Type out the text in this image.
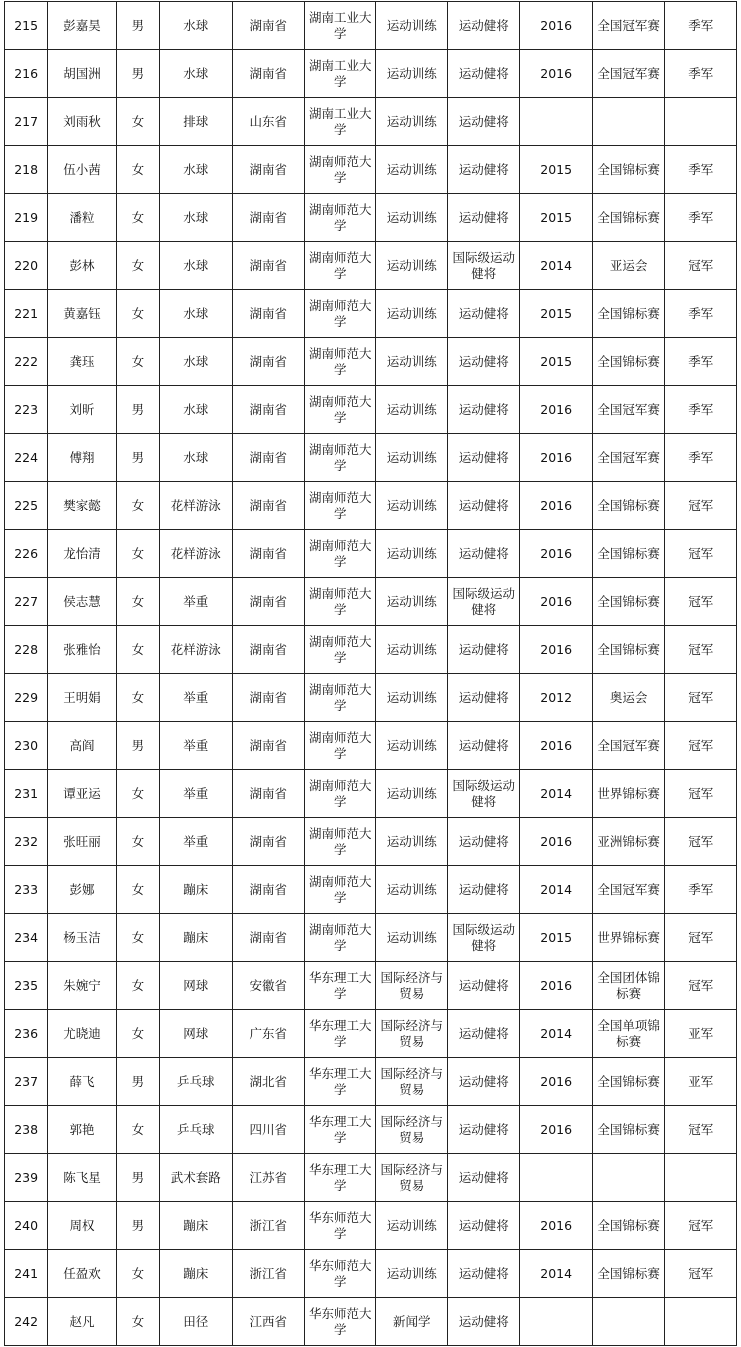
215	彭嘉昊	男	水球	湖南省	湖南工业大学	运动训练	运动健将	2016	全国冠军赛	季军
216	胡国洲	男	水球	湖南省	湖南工业大学	运动训练	运动健将	2016	全国冠军赛	季军
217	刘雨秋	女	排球	山东省	湖南工业大学	运动训练	运动健将			
218	伍小茜	女	水球	湖南省	湖南师范大学	运动训练	运动健将	2015	全国锦标赛	季军
219	潘粒	女	水球	湖南省	湖南师范大学	运动训练	运动健将	2015	全国锦标赛	季军
220	彭林	女	水球	湖南省	湖南师范大学	运动训练	国际级运动健将	2014	亚运会	冠军
221	黄嘉钰	女	水球	湖南省	湖南师范大学	运动训练	运动健将	2015	全国锦标赛	季军
222	龚珏	女	水球	湖南省	湖南师范大学	运动训练	运动健将	2015	全国锦标赛	季军
223	刘昕	男	水球	湖南省	湖南师范大学	运动训练	运动健将	2016	全国冠军赛	季军
224	傅翔	男	水球	湖南省	湖南师范大学	运动训练	运动健将	2016	全国冠军赛	季军
225	樊家懿	女	花样游泳	湖南省	湖南师范大学	运动训练	运动健将	2016	全国锦标赛	冠军
226	龙怡清	女	花样游泳	湖南省	湖南师范大学	运动训练	运动健将	2016	全国锦标赛	冠军
227	侯志慧	女	举重	湖南省	湖南师范大学	运动训练	国际级运动健将	2016	全国锦标赛	冠军
228	张雅怡	女	花样游泳	湖南省	湖南师范大学	运动训练	运动健将	2016	全国锦标赛	冠军
229	王明娟	女	举重	湖南省	湖南师范大学	运动训练	运动健将	2012	奥运会	冠军
230	高阎	男	举重	湖南省	湖南师范大学	运动训练	运动健将	2016	全国冠军赛	冠军
231	谭亚运	女	举重	湖南省	湖南师范大学	运动训练	国际级运动健将	2014	世界锦标赛	冠军
232	张旺丽	女	举重	湖南省	湖南师范大学	运动训练	运动健将	2016	亚洲锦标赛	冠军
233	彭娜	女	蹦床	湖南省	湖南师范大学	运动训练	运动健将	2014	全国冠军赛	季军
234	杨玉洁	女	蹦床	湖南省	湖南师范大学	运动训练	国际级运动健将	2015	世界锦标赛	冠军
235	朱婉宁	女	网球	安徽省	华东理工大学	国际经济与贸易	运动健将	2016	全国团体锦标赛	冠军
236	尤晓迪	女	网球	广东省	华东理工大学	国际经济与贸易	运动健将	2014	全国单项锦标赛	亚军
237	薛飞	男	乒乓球	湖北省	华东理工大学	国际经济与贸易	运动健将	2016	全国锦标赛	亚军
238	郭艳	女	乒乓球	四川省	华东理工大学	国际经济与贸易	运动健将	2016	全国锦标赛	冠军
239	陈飞星	男	武术套路	江苏省	华东理工大学	国际经济与贸易	运动健将			
240	周权	男	蹦床	浙江省	华东师范大学	运动训练	运动健将	2016	全国锦标赛	冠军
241	任盈欢	女	蹦床	浙江省	华东师范大学	运动训练	运动健将	2014	全国锦标赛	冠军
242	赵凡	女	田径	江西省	华东师范大学	新闻学	运动健将			
